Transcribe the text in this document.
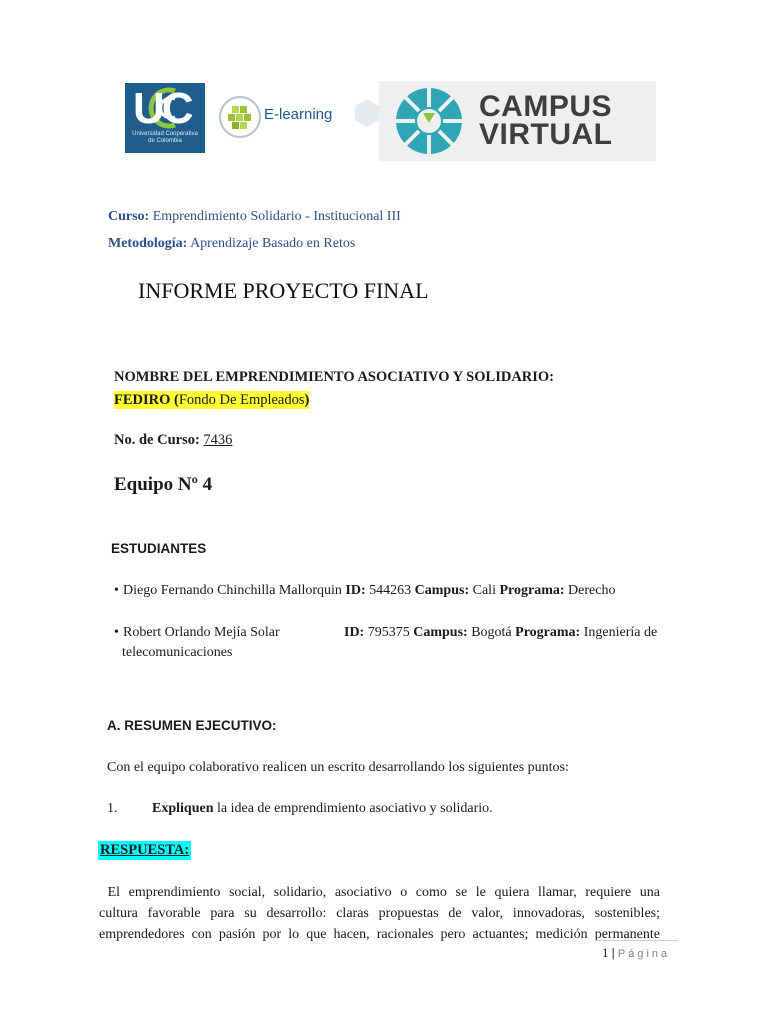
UC
Universidad Cooperativa de Colombia
E-learning	CAMPUS
VIRTUAL
Curso: Emprendimiento Solidario - Institucional III
Metodología: Aprendizaje Basado en Retos
INFORME PROYECTO FINAL
NOMBRE DEL EMPRENDIMIENTO ASOCIATIVO Y SOLIDARIO:
FEDIRO (Fondo De Empleados)
No. de Curso: 7436
Equipo Nº 4
ESTUDIANTES
• Diego Fernando Chinchilla Mallorquin ID: 544263 Campus: Cali Programa: Derecho
• Robert Orlando Mejía Solar	ID: 795375 Campus: Bogotá Programa: Ingeniería de
telecomunicaciones
A. RESUMEN EJECUTIVO:
Con el equipo colaborativo realicen un escrito desarrollando los siguientes puntos:
1. Expliquen la idea de emprendimiento asociativo y solidario.
RESPUESTA:
El emprendimiento social, solidario, asociativo o como se le quiera llamar, requiere una
cultura favorable para su desarrollo: claras propuestas de valor, innovadoras, sostenibles;
emprendedores con pasión por lo que hacen, racionales pero actuantes; medición permanente
1 | Página
